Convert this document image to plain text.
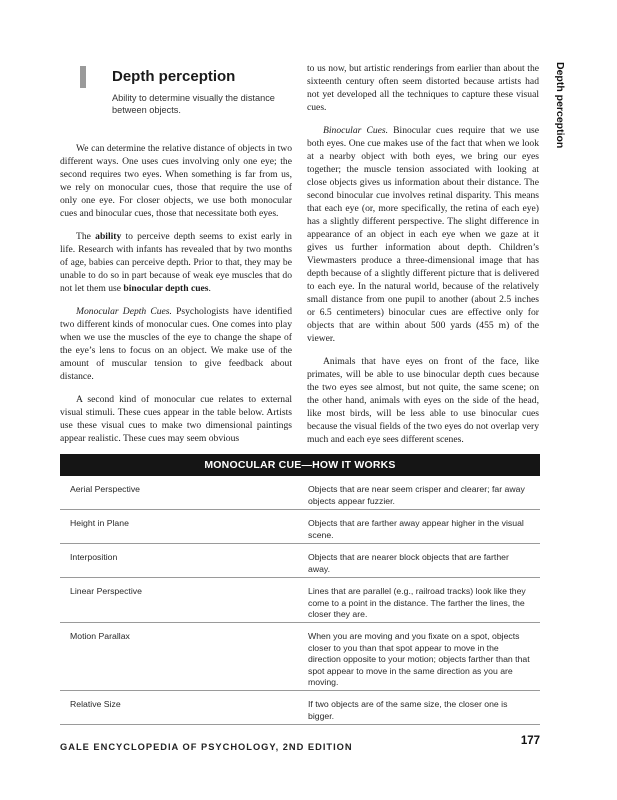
Depth perception
Depth perception
Ability to determine visually the distance between objects.

We can determine the relative distance of objects in two different ways. One uses cues involving only one eye; the second requires two eyes. When something is far from us, we rely on monocular cues, those that require the use of only one eye. For closer objects, we use both monocular cues and binocular cues, those that necessitate both eyes.

The ability to perceive depth seems to exist early in life. Research with infants has revealed that by two months of age, babies can perceive depth. Prior to that, they may be unable to do so in part because of weak eye muscles that do not let them use binocular depth cues.

Monocular Depth Cues. Psychologists have identified two different kinds of monocular cues. One comes into play when we use the muscles of the eye to change the shape of the eye’s lens to focus on an object. We make use of the amount of muscular tension to give feedback about distance.

A second kind of monocular cue relates to external visual stimuli. These cues appear in the table below. Artists use these visual cues to make two dimensional paintings appear realistic. These cues may seem obvious

to us now, but artistic renderings from earlier than about the sixteenth century often seem distorted because artists had not yet developed all the techniques to capture these visual cues.

Binocular Cues. Binocular cues require that we use both eyes. One cue makes use of the fact that when we look at a nearby object with both eyes, we bring our eyes together; the muscle tension associated with looking at close objects gives us information about their distance. The second binocular cue involves retinal disparity. This means that each eye (or, more specifically, the retina of each eye) has a slightly different perspective. The slight difference in appearance of an object in each eye when we gaze at it gives us further information about depth. Children’s Viewmasters produce a three-dimensional image that has depth because of a slightly different picture that is delivered to each eye. In the natural world, because of the relatively small distance from one pupil to another (about 2.5 inches or 6.5 centimeters) binocular cues are effective only for objects that are within about 500 yards (455 m) of the viewer.

Animals that have eyes on front of the face, like primates, will be able to use binocular depth cues because the two eyes see almost, but not quite, the same scene; on the other hand, animals with eyes on the side of the head, like most birds, will be less able to use binocular cues because the visual fields of the two eyes do not overlap very much and each eye sees different scenes.

MONOCULAR CUE—HOW IT WORKS
Aerial Perspective	Objects that are near seem crisper and clearer; far away objects appear fuzzier.
Height in Plane	Objects that are farther away appear higher in the visual scene.
Interposition	Objects that are nearer block objects that are farther away.
Linear Perspective	Lines that are parallel (e.g., railroad tracks) look like they come to a point in the distance. The farther the lines, the closer they are.
Motion Parallax	When you are moving and you fixate on a spot, objects closer to you than that spot appear to move in the direction opposite to your motion; objects farther than that spot appear to move in the same direction as you are moving.
Relative Size	If two objects are of the same size, the closer one is bigger.
GALE ENCYCLOPEDIA OF PSYCHOLOGY, 2ND EDITION	177
